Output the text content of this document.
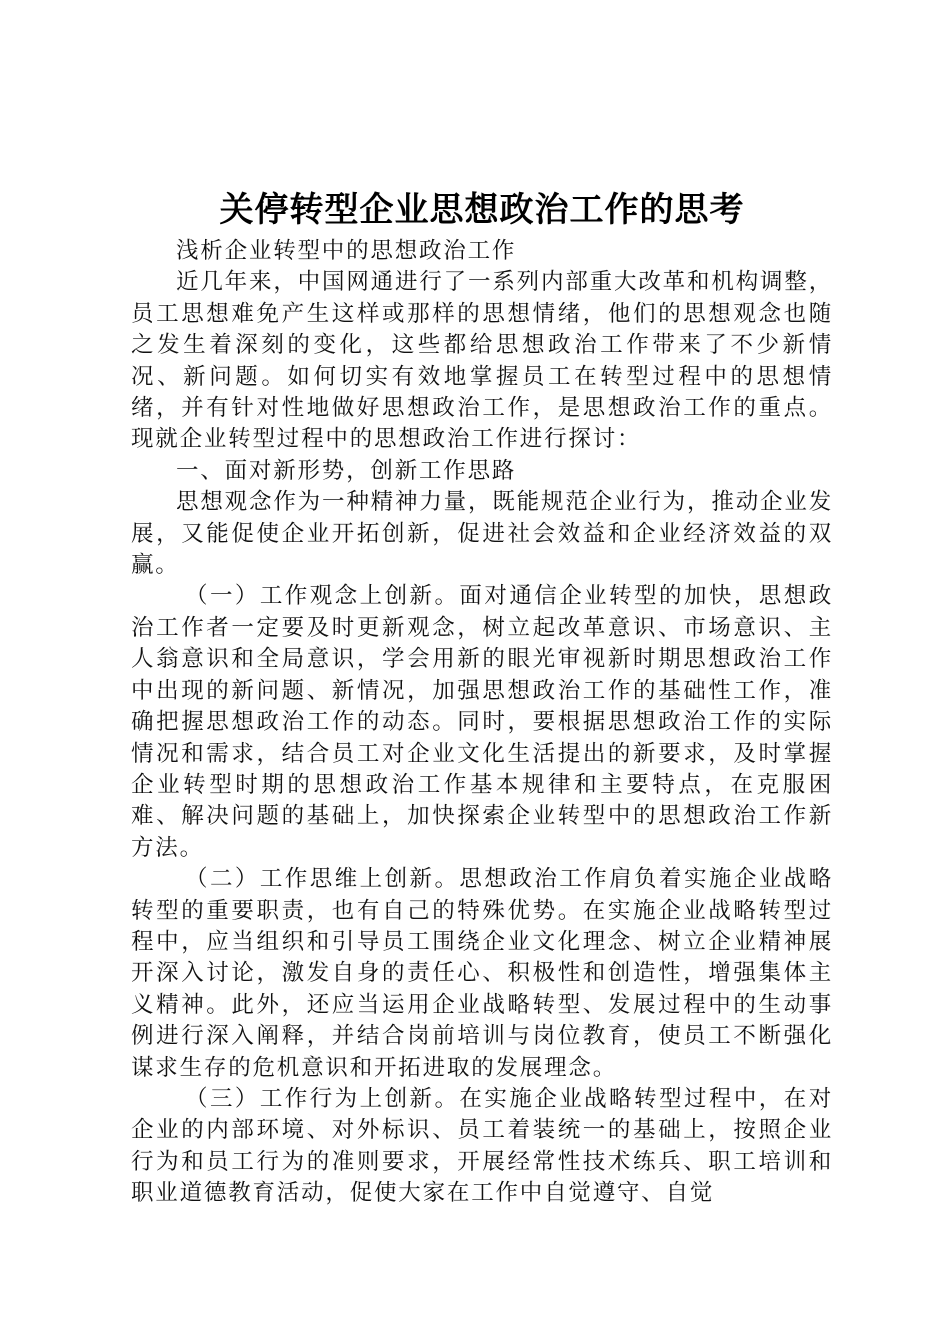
关停转型企业思想政治工作的思考

浅析企业转型中的思想政治工作

近几年来，中国网通进行了一系列内部重大改革和机构调整，员工思想难免产生这样或那样的思想情绪，他们的思想观念也随之发生着深刻的变化，这些都给思想政治工作带来了不少新情况、新问题。如何切实有效地掌握员工在转型过程中的思想情绪，并有针对性地做好思想政治工作，是思想政治工作的重点。现就企业转型过程中的思想政治工作进行探讨：

一、面对新形势，创新工作思路

思想观念作为一种精神力量，既能规范企业行为，推动企业发展，又能促使企业开拓创新，促进社会效益和企业经济效益的双赢。

（一）工作观念上创新。面对通信企业转型的加快，思想政治工作者一定要及时更新观念，树立起改革意识、市场意识、主人翁意识和全局意识，学会用新的眼光审视新时期思想政治工作中出现的新问题、新情况，加强思想政治工作的基础性工作，准确把握思想政治工作的动态。同时，要根据思想政治工作的实际情况和需求，结合员工对企业文化生活提出的新要求，及时掌握企业转型时期的思想政治工作基本规律和主要特点，在克服困难、解决问题的基础上，加快探索企业转型中的思想政治工作新方法。

（二）工作思维上创新。思想政治工作肩负着实施企业战略转型的重要职责，也有自己的特殊优势。在实施企业战略转型过程中，应当组织和引导员工围绕企业文化理念、树立企业精神展开深入讨论，激发自身的责任心、积极性和创造性，增强集体主义精神。此外，还应当运用企业战略转型、发展过程中的生动事例进行深入阐释，并结合岗前培训与岗位教育，使员工不断强化谋求生存的危机意识和开拓进取的发展理念。

（三）工作行为上创新。在实施企业战略转型过程中，在对企业的内部环境、对外标识、员工着装统一的基础上，按照企业行为和员工行为的准则要求，开展经常性技术练兵、职工培训和职业道德教育活动，促使大家在工作中自觉遵守、自觉
